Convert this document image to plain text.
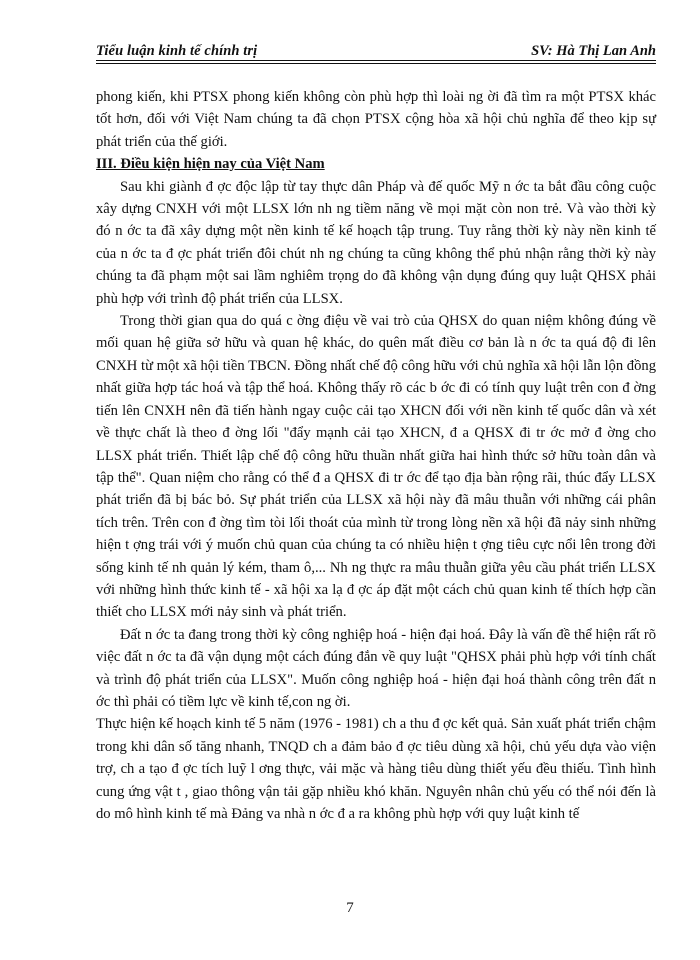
Tiểu luận kinh tế chính trị	SV: Hà Thị Lan Anh

phong kiến, khi PTSX phong kiến không còn phù hợp thì loài ng ời đã tìm ra một PTSX khác tốt hơn, đối với Việt Nam chúng ta đã chọn PTSX cộng hòa xã hội chủ nghĩa để theo kịp sự phát triển của thế giới.

III. Điều kiện hiện nay của Việt Nam

Sau khi giành đ ợc độc lập từ tay thực dân Pháp và đế quốc Mỹ n ớc ta bắt đầu công cuộc xây dựng CNXH với một LLSX lớn nh ng tiềm năng về mọi mặt còn non trẻ. Và vào thời kỳ đó n ớc ta đã xây dựng một nền kinh tế kế hoạch tập trung. Tuy rằng thời kỳ này nền kinh tế của n ớc ta đ ợc phát triển đôi chút nh ng chúng ta cũng không thể phủ nhận rằng thời kỳ này chúng ta đã phạm một sai lầm nghiêm trọng do đã không vận dụng đúng quy luật QHSX phải phù hợp với trình độ phát triển của LLSX.

Trong thời gian qua do quá c ờng điệu về vai trò của QHSX do quan niệm không đúng về mối quan hệ giữa sở hữu và quan hệ khác, do quên mất điều cơ bản là n ớc ta quá độ đi lên CNXH từ một xã hội tiền TBCN. Đồng nhất chế độ công hữu với chủ nghĩa xã hội lẫn lộn đồng nhất giữa hợp tác hoá và tập thể hoá. Không thấy rõ các b ớc đi có tính quy luật trên con đ ờng tiến lên CNXH nên đã tiến hành ngay cuộc cải tạo XHCN đối với nền kinh tế quốc dân và xét về thực chất là theo đ ờng lối "đẩy mạnh cải tạo XHCN, đ a QHSX đi tr ớc mở đ ờng cho LLSX phát triển. Thiết lập chế độ công hữu thuần nhất giữa hai hình thức sở hữu toàn dân và tập thể". Quan niệm cho rằng có thể đ a QHSX đi tr ớc để tạo địa bàn rộng rãi, thúc đẩy LLSX phát triển đã bị bác bỏ. Sự phát triển của LLSX xã hội này đã mâu thuẫn với những cái phân tích trên. Trên con đ ờng tìm tòi lối thoát của mình từ trong lòng nền xã hội đã nảy sinh những hiện t ợng trái với ý muốn chủ quan của chúng ta có nhiều hiện t ợng tiêu cực nổi lên trong đời sống kinh tế nh quản lý kém, tham ô,... Nh ng thực ra mâu thuẫn giữa yêu cầu phát triển LLSX với những hình thức kinh tế - xã hội xa lạ đ ợc áp đặt một cách chủ quan kinh tế thích hợp cần thiết cho LLSX mới nảy sinh và phát triển.

Đất n ớc ta đang trong thời kỳ công nghiệp hoá - hiện đại hoá. Đây là vấn đề thể hiện rất rõ việc đất n ớc ta đã vận dụng một cách đúng đắn về quy luật "QHSX phải phù hợp với tính chất và trình độ phát triển của LLSX". Muốn công nghiệp hoá - hiện đại hoá thành công trên đất n ớc thì phải có tiềm lực về kinh tế,con ng ời.

Thực hiện kế hoạch kinh tế 5 năm (1976 - 1981) ch a thu đ ợc kết quả. Sản xuất phát triển chậm trong khi dân số tăng nhanh, TNQD ch a đảm bảo đ ợc tiêu dùng xã hội, chủ yếu dựa vào viện trợ, ch a tạo đ ợc tích luỹ l ơng thực, vải mặc và hàng tiêu dùng thiết yếu đều thiếu. Tình hình cung ứng vật t , giao thông vận tải gặp nhiều khó khăn. Nguyên nhân chủ yếu có thể nói đến là do mô hình kinh tế mà Đảng va nhà n ớc đ a ra không phù hợp với quy luật kinh tế

7
